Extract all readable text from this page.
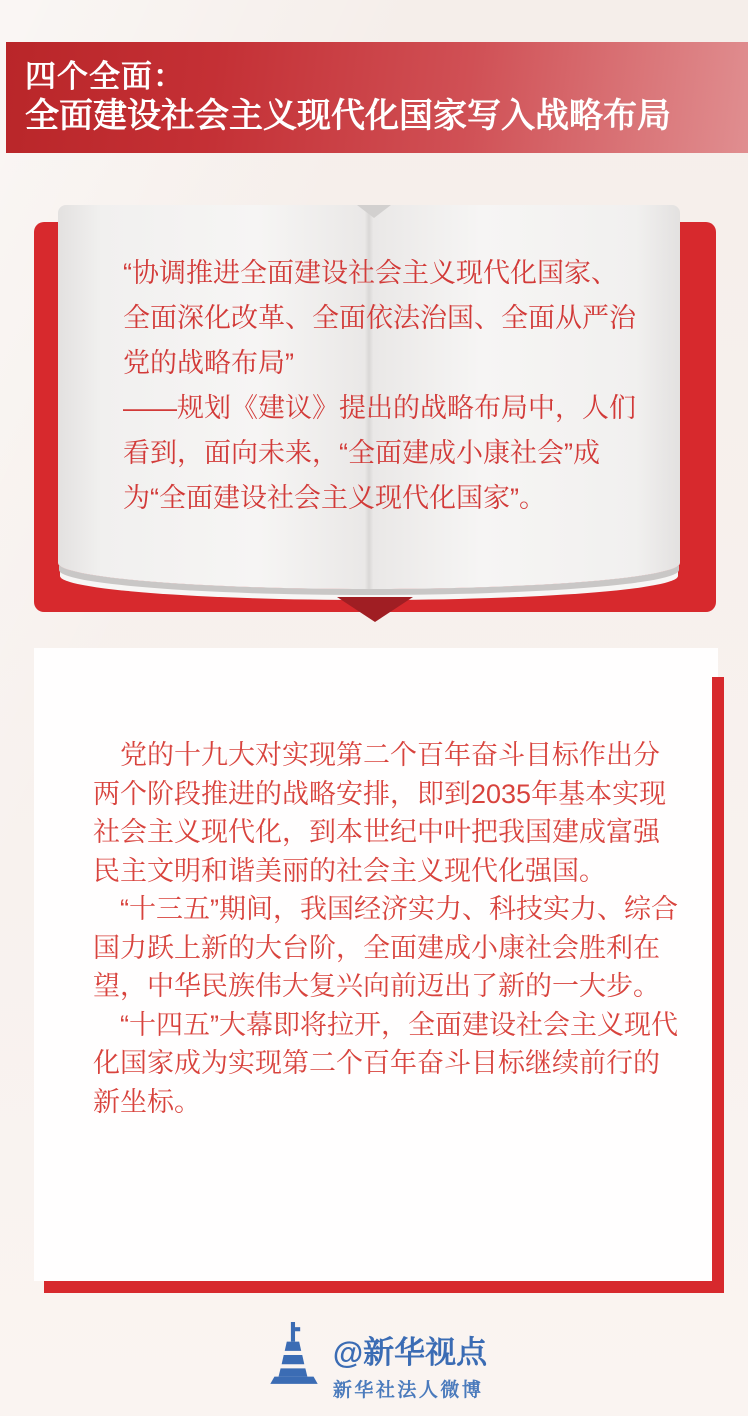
四个全面：
全面建设社会主义现代化国家写入战略布局

“协调推进全面建设社会主义现代化国家、全面深化改革、全面依法治国、全面从严治党的战略布局”

——规划《建议》提出的战略布局中，人们看到，面向未来，“全面建成小康社会”成为“全面建设社会主义现代化国家”。

党的十九大对实现第二个百年奋斗目标作出分两个阶段推进的战略安排，即到2035年基本实现社会主义现代化，到本世纪中叶把我国建成富强民主文明和谐美丽的社会主义现代化强国。

“十三五”期间，我国经济实力、科技实力、综合国力跃上新的大台阶，全面建成小康社会胜利在望，中华民族伟大复兴向前迈出了新的一大步。

“十四五”大幕即将拉开，全面建设社会主义现代化国家成为实现第二个百年奋斗目标继续前行的新坐标。

@新华视点
新华社法人微博
